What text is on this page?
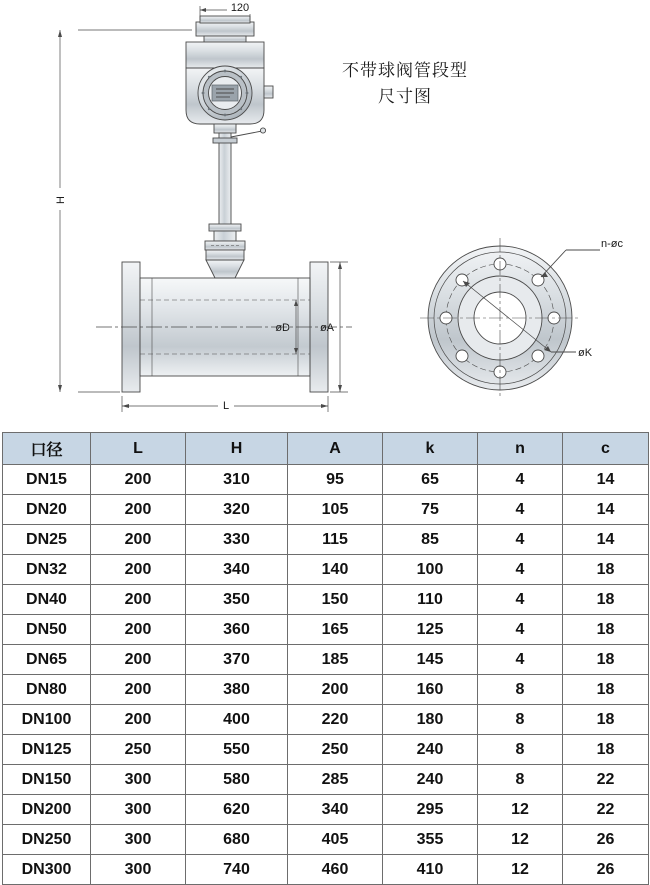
120
H
L
øD	øA
n-øc
øK
不带球阀管段型
尺寸图
口径	L	H	A	k	n	c
DN15	200	310	95	65	4	14
DN20	200	320	105	75	4	14
DN25	200	330	115	85	4	14
DN32	200	340	140	100	4	18
DN40	200	350	150	110	4	18
DN50	200	360	165	125	4	18
DN65	200	370	185	145	4	18
DN80	200	380	200	160	8	18
DN100	200	400	220	180	8	18
DN125	250	550	250	240	8	18
DN150	300	580	285	240	8	22
DN200	300	620	340	295	12	22
DN250	300	680	405	355	12	26
DN300	300	740	460	410	12	26
